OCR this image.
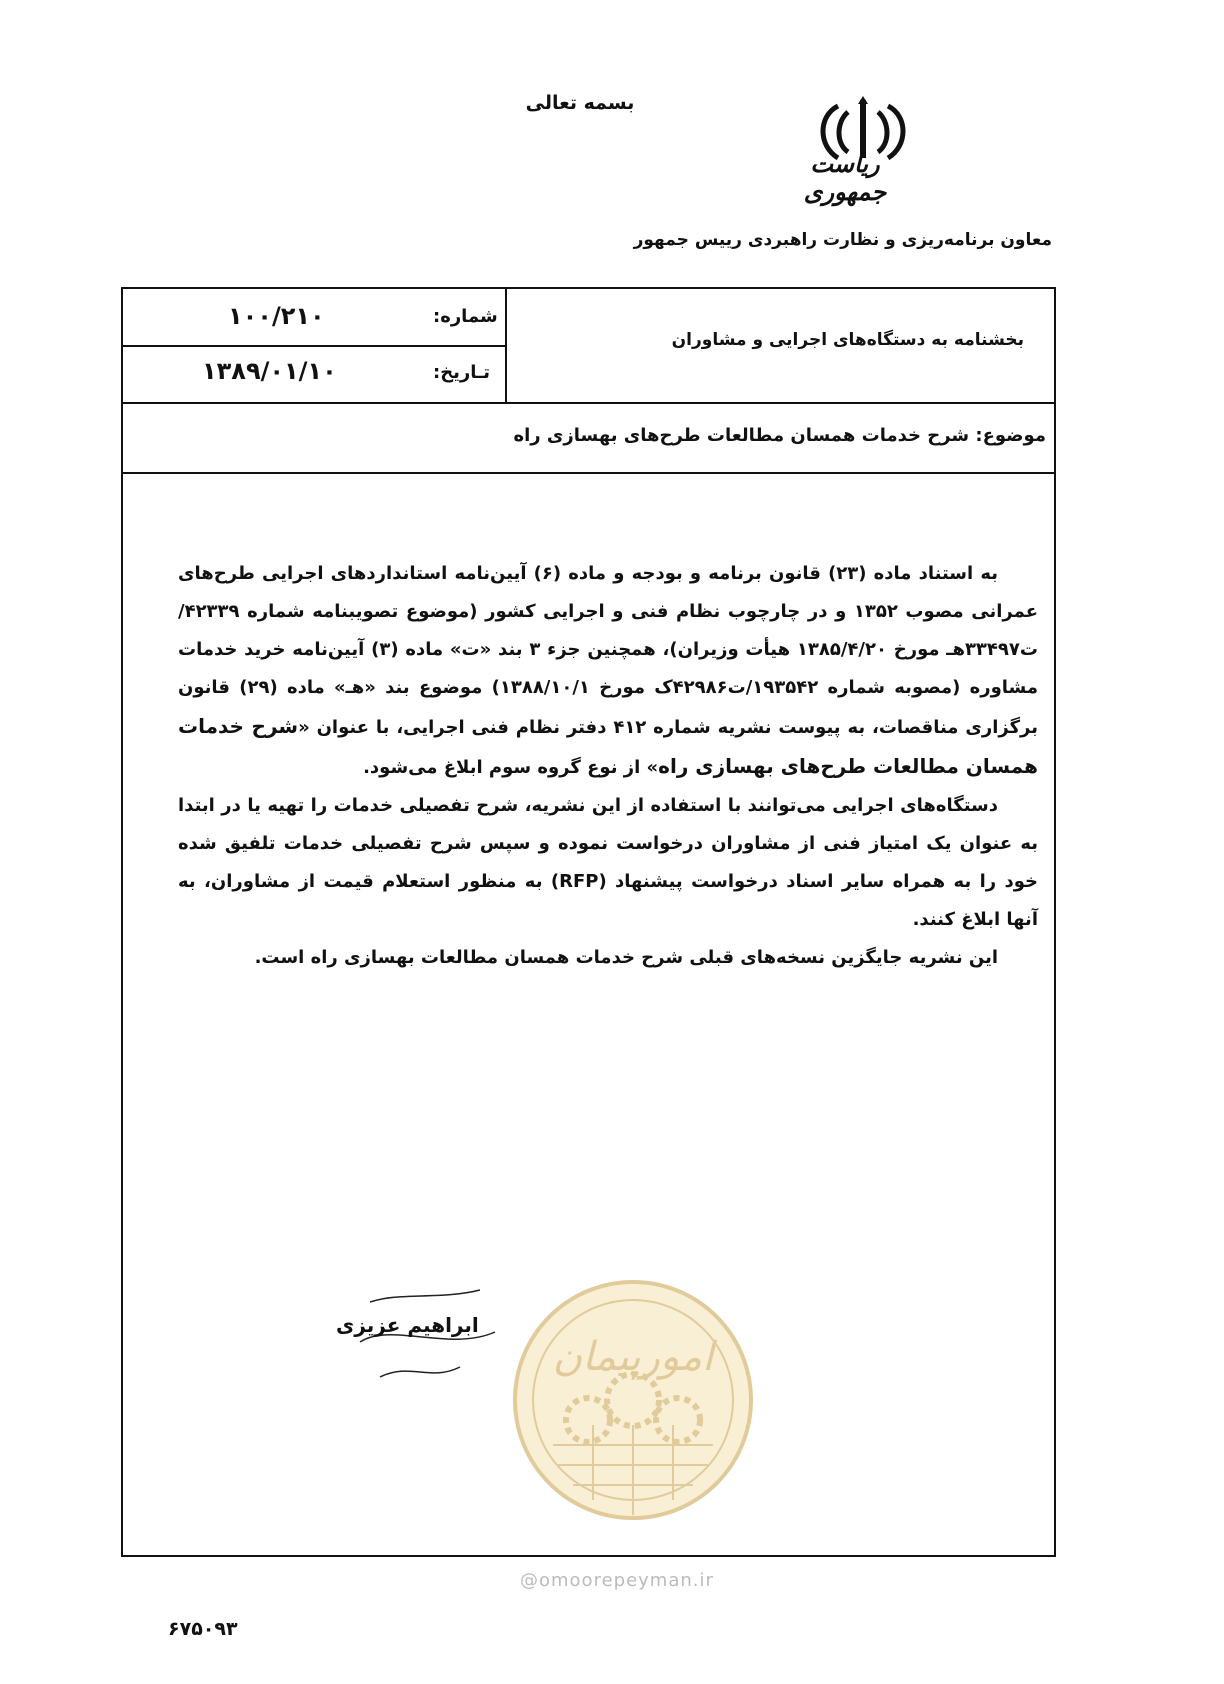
بسمه تعالی
ریاست جمهوری
معاون برنامه‌ریزی و نظارت راهبردی رییس جمهور
بخشنامه به دستگاه‌های اجرایی و مشاوران
شماره:
۱۰۰/۲۱۰
تـاریخ:
۱۳۸۹/۰۱/۱۰
موضوع: شرح خدمات همسان مطالعات طرح‌های بهسازی راه

به استناد ماده (۲۳) قانون برنامه و بودجه و ماده (۶) آیین‌نامه استانداردهای اجرایی طرح‌های عمرانی مصوب ۱۳۵۲ و در چارچوب نظام فنی و اجرایی کشور (موضوع تصویبنامه شماره ۴۲۳۳۹/ت۳۳۴۹۷هـ مورخ ۱۳۸۵/۴/۲۰ هیأت وزیران)، همچنین جزء ۳ بند «ت» ماده (۳) آیین‌نامه خرید خدمات مشاوره (مصوبه شماره ۱۹۳۵۴۲/ت۴۲۹۸۶ک مورخ ۱۳۸۸/۱۰/۱) موضوع بند «هـ» ماده (۲۹) قانون برگزاری مناقصات، به پیوست نشریه شماره ۴۱۲ دفتر نظام فنی اجرایی، با عنوان «شرح خدمات همسان مطالعات طرح‌های بهسازی راه» از نوع گروه سوم ابلاغ می‌شود.

دستگاه‌های اجرایی می‌توانند با استفاده از این نشریه، شرح تفصیلی خدمات را تهیه یا در ابتدا به عنوان یک امتیاز فنی از مشاوران درخواست نموده و سپس شرح تفصیلی خدمات تلفیق شده خود را به همراه سایر اسناد درخواست پیشنهاد (RFP) به منظور استعلام قیمت از مشاوران، به آنها ابلاغ کنند.

این نشریه جایگزین نسخه‌های قبلی شرح خدمات همسان مطالعات بهسازی راه است.

ابراهیم عزیزی
امورپیمان
@omoorepeyman.ir
۶۷۵۰۹۳
